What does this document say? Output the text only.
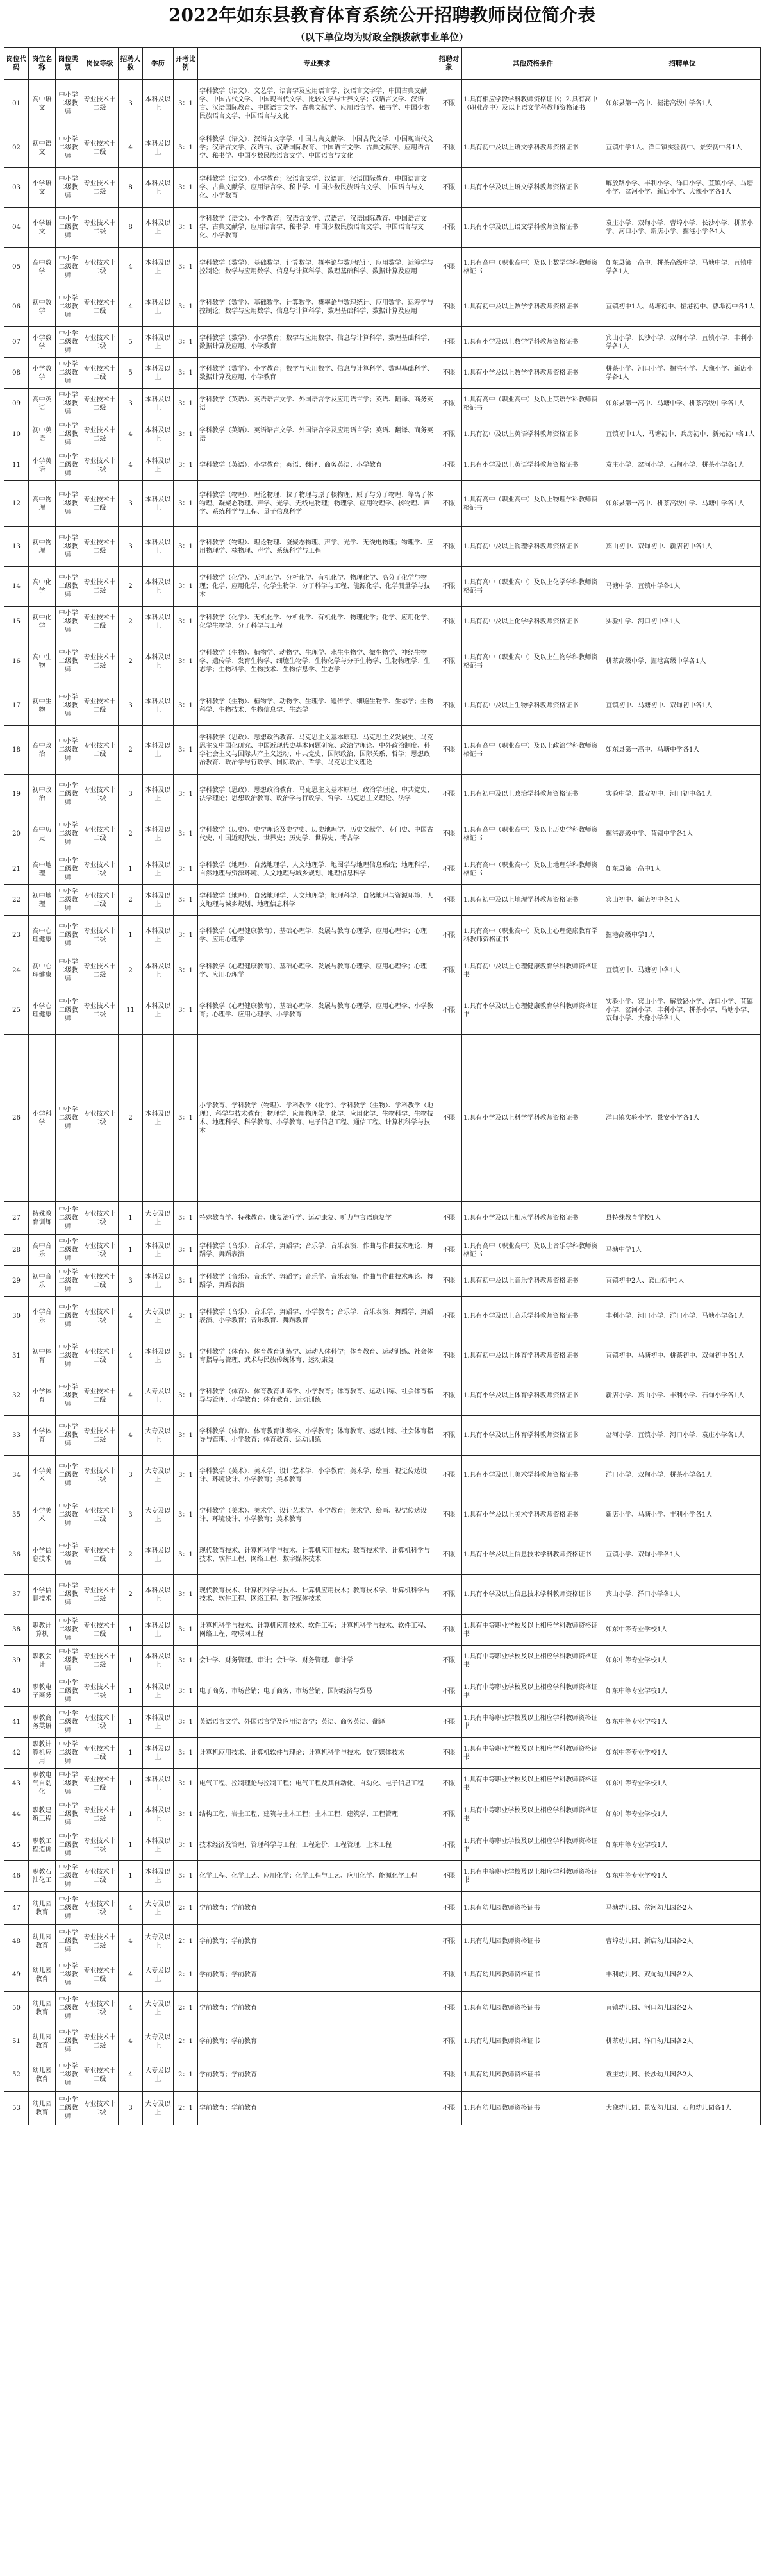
2022年如东县教育体育系统公开招聘教师岗位简介表
（以下单位均为财政全额拨款事业单位）
岗位代码	岗位名称	岗位类别	岗位等级	招聘人数	学历	开考比例	专业要求	招聘对象	其他资格条件	招聘单位
01	高中语文	中小学二级教师	专业技术十二级	3	本科及以上	3：1	学科教学（语文）、文艺学、语言学及应用语言学、汉语言文字学、中国古典文献学、中国古代文学、中国现当代文学、比较文学与世界文学；汉语言文学、汉语言、汉语国际教育、中国语言文学、古典文献学、应用语言学、秘书学、中国少数民族语言文学、中国语言与文化	不限	1.具有相应学段学科教师资格证书；2.具有高中（职业高中）及以上语文学科教师资格证书	如东县第一高中、掘港高级中学各1人
02	初中语文	中小学二级教师	专业技术十二级	4	本科及以上	3：1	学科教学（语文）、汉语言文字学、中国古典文献学、中国古代文学、中国现当代文学；汉语言文学、汉语言、汉语国际教育、中国语言文学、古典文献学、应用语言学、秘书学、中国少数民族语言文学、中国语言与文化	不限	1.具有初中及以上语文学科教师资格证书	苴镇中学1人、洋口镇实验初中、景安初中各1人
03	小学语文	中小学二级教师	专业技术十二级	8	本科及以上	3：1	学科教学（语文）、小学教育；汉语言文学、汉语言、汉语国际教育、中国语言文学、古典文献学、应用语言学、秘书学、中国少数民族语言文学、中国语言与文化、小学教育	不限	1.具有小学及以上语文学科教师资格证书	解放路小学、丰利小学、洋口小学、苴镇小学、马塘小学、岔河小学、新店小学、大豫小学各1人
04	小学语文	中小学二级教师	专业技术十二级	8	本科及以上	3：1	学科教学（语文）、小学教育；汉语言文学、汉语言、汉语国际教育、中国语言文学、古典文献学、应用语言学、秘书学、中国少数民族语言文学、中国语言与文化、小学教育	不限	1.具有小学及以上语文学科教师资格证书	袁庄小学、双甸小学、曹埠小学、长沙小学、栟茶小学、河口小学、新店小学、掘港小学各1人
05	高中数学	中小学二级教师	专业技术十二级	4	本科及以上	3：1	学科教学（数学）、基础数学、计算数学、概率论与数理统计、应用数学、运筹学与控制论；数学与应用数学、信息与计算科学、数理基础科学、数据计算及应用	不限	1.具有高中（职业高中）及以上数学学科教师资格证书	如东县第一高中、栟茶高级中学、马塘中学、苴镇中学各1人
06	初中数学	中小学二级教师	专业技术十二级	4	本科及以上	3：1	学科教学（数学）、基础数学、计算数学、概率论与数理统计、应用数学、运筹学与控制论；数学与应用数学、信息与计算科学、数理基础科学、数据计算及应用	不限	1.具有初中及以上数学学科教师资格证书	苴镇初中1人、马塘初中、掘港初中、曹埠初中各1人
07	小学数学	中小学二级教师	专业技术十二级	5	本科及以上	3：1	学科教学（数学）、小学教育；数学与应用数学、信息与计算科学、数理基础科学、数据计算及应用、小学教育	不限	1.具有小学及以上数学学科教师资格证书	宾山小学、长沙小学、双甸小学、苴镇小学、丰利小学各1人
08	小学数学	中小学二级教师	专业技术十二级	5	本科及以上	3：1	学科教学（数学）、小学教育；数学与应用数学、信息与计算科学、数理基础科学、数据计算及应用、小学教育	不限	1.具有小学及以上数学学科教师资格证书	栟茶小学、河口小学、掘港小学、大豫小学、新店小学各1人
09	高中英语	中小学二级教师	专业技术十二级	3	本科及以上	3：1	学科教学（英语）、英语语言文学、外国语言学及应用语言学；英语、翻译、商务英语	不限	1.具有高中（职业高中）及以上英语学科教师资格证书	如东县第一高中、马塘中学、栟茶高级中学各1人
10	初中英语	中小学二级教师	专业技术十二级	4	本科及以上	3：1	学科教学（英语）、英语语言文学、外国语言学及应用语言学；英语、翻译、商务英语	不限	1.具有初中及以上英语学科教师资格证书	苴镇初中1人、马塘初中、兵房初中、新光初中各1人
11	小学英语	中小学二级教师	专业技术十二级	4	本科及以上	3：1	学科教学（英语）、小学教育；英语、翻译、商务英语、小学教育	不限	1.具有小学及以上英语学科教师资格证书	袁庄小学、岔河小学、石甸小学、栟茶小学各1人
12	高中物理	中小学二级教师	专业技术十二级	3	本科及以上	3：1	学科教学（物理）、理论物理、粒子物理与原子核物理、原子与分子物理、等离子体物理、凝聚态物理、声学、光学、无线电物理；物理学、应用物理学、核物理、声学、系统科学与工程、量子信息科学	不限	1.具有高中（职业高中）及以上物理学科教师资格证书	如东县第一高中、栟茶高级中学、马塘中学各1人
13	初中物理	中小学二级教师	专业技术十二级	3	本科及以上	3：1	学科教学（物理）、理论物理、凝聚态物理、声学、光学、无线电物理；物理学、应用物理学、核物理、声学、系统科学与工程	不限	1.具有初中及以上物理学科教师资格证书	宾山初中、双甸初中、新店初中各1人
14	高中化学	中小学二级教师	专业技术十二级	2	本科及以上	3：1	学科教学（化学）、无机化学、分析化学、有机化学、物理化学、高分子化学与物理；化学、应用化学、化学生物学、分子科学与工程、能源化学、化学测量学与技术	不限	1.具有高中（职业高中）及以上化学学科教师资格证书	马塘中学、苴镇中学各1人
15	初中化学	中小学二级教师	专业技术十二级	2	本科及以上	3：1	学科教学（化学）、无机化学、分析化学、有机化学、物理化学；化学、应用化学、化学生物学、分子科学与工程	不限	1.具有初中及以上化学学科教师资格证书	实验中学、河口初中各1人
16	高中生物	中小学二级教师	专业技术十二级	2	本科及以上	3：1	学科教学（生物）、植物学、动物学、生理学、水生生物学、微生物学、神经生物学、遗传学、发育生物学、细胞生物学、生物化学与分子生物学、生物物理学、生态学；生物科学、生物技术、生物信息学、生态学	不限	1.具有高中（职业高中）及以上生物学科教师资格证书	栟茶高级中学、掘港高级中学各1人
17	初中生物	中小学二级教师	专业技术十二级	3	本科及以上	3：1	学科教学（生物）、植物学、动物学、生理学、遗传学、细胞生物学、生态学；生物科学、生物技术、生物信息学、生态学	不限	1.具有初中及以上生物学科教师资格证书	苴镇初中、马塘初中、双甸初中各1人
18	高中政治	中小学二级教师	专业技术十二级	2	本科及以上	3：1	学科教学（思政）、思想政治教育、马克思主义基本原理、马克思主义发展史、马克思主义中国化研究、中国近现代史基本问题研究、政治学理论、中外政治制度、科学社会主义与国际共产主义运动、中共党史、国际政治、国际关系、哲学；思想政治教育、政治学与行政学、国际政治、哲学、马克思主义理论	不限	1.具有高中（职业高中）及以上政治学科教师资格证书	如东县第一高中、马塘中学各1人
19	初中政治	中小学二级教师	专业技术十二级	3	本科及以上	3：1	学科教学（思政）、思想政治教育、马克思主义基本原理、政治学理论、中共党史、法学理论；思想政治教育、政治学与行政学、哲学、马克思主义理论、法学	不限	1.具有初中及以上政治学科教师资格证书	实验中学、景安初中、河口初中各1人
20	高中历史	中小学二级教师	专业技术十二级	2	本科及以上	3：1	学科教学（历史）、史学理论及史学史、历史地理学、历史文献学、专门史、中国古代史、中国近现代史、世界史；历史学、世界史、考古学	不限	1.具有高中（职业高中）及以上历史学科教师资格证书	掘港高级中学、苴镇中学各1人
21	高中地理	中小学二级教师	专业技术十二级	1	本科及以上	3：1	学科教学（地理）、自然地理学、人文地理学、地图学与地理信息系统；地理科学、自然地理与资源环境、人文地理与城乡规划、地理信息科学	不限	1.具有高中（职业高中）及以上地理学科教师资格证书	如东县第一高中1人
22	初中地理	中小学二级教师	专业技术十二级	2	本科及以上	3：1	学科教学（地理）、自然地理学、人文地理学；地理科学、自然地理与资源环境、人文地理与城乡规划、地理信息科学	不限	1.具有初中及以上地理学科教师资格证书	宾山初中、新店初中各1人
23	高中心理健康	中小学二级教师	专业技术十二级	1	本科及以上	3：1	学科教学（心理健康教育）、基础心理学、发展与教育心理学、应用心理学；心理学、应用心理学	不限	1.具有高中（职业高中）及以上心理健康教育学科教师资格证书	掘港高级中学1人
24	初中心理健康	中小学二级教师	专业技术十二级	2	本科及以上	3：1	学科教学（心理健康教育）、基础心理学、发展与教育心理学、应用心理学；心理学、应用心理学	不限	1.具有初中及以上心理健康教育学科教师资格证书	苴镇初中、马塘初中各1人
25	小学心理健康	中小学二级教师	专业技术十二级	11	本科及以上	3：1	学科教学（心理健康教育）、基础心理学、发展与教育心理学、应用心理学、小学教育；心理学、应用心理学、小学教育	不限	1.具有小学及以上心理健康教育学科教师资格证书	实验小学、宾山小学、解放路小学、洋口小学、苴镇小学、岔河小学、丰利小学、栟茶小学、马塘小学、双甸小学、大豫小学各1人
26	小学科学	中小学二级教师	专业技术十二级	2	本科及以上	3：1	小学教育、学科教学（物理）、学科教学（化学）、学科教学（生物）、学科教学（地理）、科学与技术教育；物理学、应用物理学、化学、应用化学、生物科学、生物技术、地理科学、科学教育、小学教育、电子信息工程、通信工程、计算机科学与技术	不限	1.具有小学及以上科学学科教师资格证书	洋口镇实验小学、景安小学各1人
27	特殊教育训练	中小学二级教师	专业技术十二级	1	大专及以上	3：1	特殊教育学、特殊教育、康复治疗学、运动康复、听力与言语康复学	不限	1.具有小学及以上相应学科教师资格证书	县特殊教育学校1人
28	高中音乐	中小学二级教师	专业技术十二级	1	本科及以上	3：1	学科教学（音乐）、音乐学、舞蹈学；音乐学、音乐表演、作曲与作曲技术理论、舞蹈学、舞蹈表演	不限	1.具有高中（职业高中）及以上音乐学科教师资格证书	马塘中学1人
29	初中音乐	中小学二级教师	专业技术十二级	3	本科及以上	3：1	学科教学（音乐）、音乐学、舞蹈学；音乐学、音乐表演、作曲与作曲技术理论、舞蹈学、舞蹈表演	不限	1.具有初中及以上音乐学科教师资格证书	苴镇初中2人、宾山初中1人
30	小学音乐	中小学二级教师	专业技术十二级	4	大专及以上	3：1	学科教学（音乐）、音乐学、舞蹈学、小学教育；音乐学、音乐表演、舞蹈学、舞蹈表演、小学教育；音乐教育、舞蹈教育	不限	1.具有小学及以上音乐学科教师资格证书	丰利小学、河口小学、洋口小学、马塘小学各1人
31	初中体育	中小学二级教师	专业技术十二级	4	本科及以上	3：1	学科教学（体育）、体育教育训练学、运动人体科学；体育教育、运动训练、社会体育指导与管理、武术与民族传统体育、运动康复	不限	1.具有初中及以上体育学科教师资格证书	苴镇初中、马塘初中、栟茶初中、双甸初中各1人
32	小学体育	中小学二级教师	专业技术十二级	4	大专及以上	3：1	学科教学（体育）、体育教育训练学、小学教育；体育教育、运动训练、社会体育指导与管理、小学教育；体育教育、运动训练	不限	1.具有小学及以上体育学科教师资格证书	新店小学、宾山小学、丰利小学、石甸小学各1人
33	小学体育	中小学二级教师	专业技术十二级	4	大专及以上	3：1	学科教学（体育）、体育教育训练学、小学教育；体育教育、运动训练、社会体育指导与管理、小学教育；体育教育、运动训练	不限	1.具有小学及以上体育学科教师资格证书	岔河小学、苴镇小学、河口小学、袁庄小学各1人
34	小学美术	中小学二级教师	专业技术十二级	3	大专及以上	3：1	学科教学（美术）、美术学、设计艺术学、小学教育；美术学、绘画、视觉传达设计、环境设计、小学教育；美术教育	不限	1.具有小学及以上美术学科教师资格证书	洋口小学、双甸小学、栟茶小学各1人
35	小学美术	中小学二级教师	专业技术十二级	3	大专及以上	3：1	学科教学（美术）、美术学、设计艺术学、小学教育；美术学、绘画、视觉传达设计、环境设计、小学教育；美术教育	不限	1.具有小学及以上美术学科教师资格证书	新店小学、马塘小学、丰利小学各1人
36	小学信息技术	中小学二级教师	专业技术十二级	2	本科及以上	3：1	现代教育技术、计算机科学与技术、计算机应用技术；教育技术学、计算机科学与技术、软件工程、网络工程、数字媒体技术	不限	1.具有小学及以上信息技术学科教师资格证书	苴镇小学、双甸小学各1人
37	小学信息技术	中小学二级教师	专业技术十二级	2	本科及以上	3：1	现代教育技术、计算机科学与技术、计算机应用技术；教育技术学、计算机科学与技术、软件工程、网络工程、数字媒体技术	不限	1.具有小学及以上信息技术学科教师资格证书	宾山小学、洋口小学各1人
38	职教计算机	中小学二级教师	专业技术十二级	1	本科及以上	3：1	计算机科学与技术、计算机应用技术、软件工程；计算机科学与技术、软件工程、网络工程、物联网工程	不限	1.具有中等职业学校及以上相应学科教师资格证书	如东中等专业学校1人
39	职教会计	中小学二级教师	专业技术十二级	1	本科及以上	3：1	会计学、财务管理、审计；会计学、财务管理、审计学	不限	1.具有中等职业学校及以上相应学科教师资格证书	如东中等专业学校1人
40	职教电子商务	中小学二级教师	专业技术十二级	1	本科及以上	3：1	电子商务、市场营销；电子商务、市场营销、国际经济与贸易	不限	1.具有中等职业学校及以上相应学科教师资格证书	如东中等专业学校1人
41	职教商务英语	中小学二级教师	专业技术十二级	1	本科及以上	3：1	英语语言文学、外国语言学及应用语言学；英语、商务英语、翻译	不限	1.具有中等职业学校及以上相应学科教师资格证书	如东中等专业学校1人
42	职教计算机应用	中小学二级教师	专业技术十二级	1	本科及以上	3：1	计算机应用技术、计算机软件与理论；计算机科学与技术、数字媒体技术	不限	1.具有中等职业学校及以上相应学科教师资格证书	如东中等专业学校1人
43	职教电气自动化	中小学二级教师	专业技术十二级	1	本科及以上	3：1	电气工程、控制理论与控制工程；电气工程及其自动化、自动化、电子信息工程	不限	1.具有中等职业学校及以上相应学科教师资格证书	如东中等专业学校1人
44	职教建筑工程	中小学二级教师	专业技术十二级	1	本科及以上	3：1	结构工程、岩土工程、建筑与土木工程；土木工程、建筑学、工程管理	不限	1.具有中等职业学校及以上相应学科教师资格证书	如东中等专业学校1人
45	职教工程造价	中小学二级教师	专业技术十二级	1	本科及以上	3：1	技术经济及管理、管理科学与工程；工程造价、工程管理、土木工程	不限	1.具有中等职业学校及以上相应学科教师资格证书	如东中等专业学校1人
46	职教石油化工	中小学二级教师	专业技术十二级	1	本科及以上	3：1	化学工程、化学工艺、应用化学；化学工程与工艺、应用化学、能源化学工程	不限	1.具有中等职业学校及以上相应学科教师资格证书	如东中等专业学校1人
47	幼儿园教育	中小学二级教师	专业技术十二级	4	大专及以上	2：1	学前教育；学前教育	不限	1.具有幼儿园教师资格证书	马塘幼儿园、岔河幼儿园各2人
48	幼儿园教育	中小学二级教师	专业技术十二级	4	大专及以上	2：1	学前教育；学前教育	不限	1.具有幼儿园教师资格证书	曹埠幼儿园、新店幼儿园各2人
49	幼儿园教育	中小学二级教师	专业技术十二级	4	大专及以上	2：1	学前教育；学前教育	不限	1.具有幼儿园教师资格证书	丰利幼儿园、双甸幼儿园各2人
50	幼儿园教育	中小学二级教师	专业技术十二级	4	大专及以上	2：1	学前教育；学前教育	不限	1.具有幼儿园教师资格证书	苴镇幼儿园、河口幼儿园各2人
51	幼儿园教育	中小学二级教师	专业技术十二级	4	大专及以上	2：1	学前教育；学前教育	不限	1.具有幼儿园教师资格证书	栟茶幼儿园、洋口幼儿园各2人
52	幼儿园教育	中小学二级教师	专业技术十二级	4	大专及以上	2：1	学前教育；学前教育	不限	1.具有幼儿园教师资格证书	袁庄幼儿园、长沙幼儿园各2人
53	幼儿园教育	中小学二级教师	专业技术十二级	3	大专及以上	2：1	学前教育；学前教育	不限	1.具有幼儿园教师资格证书	大豫幼儿园、景安幼儿园、石甸幼儿园各1人
